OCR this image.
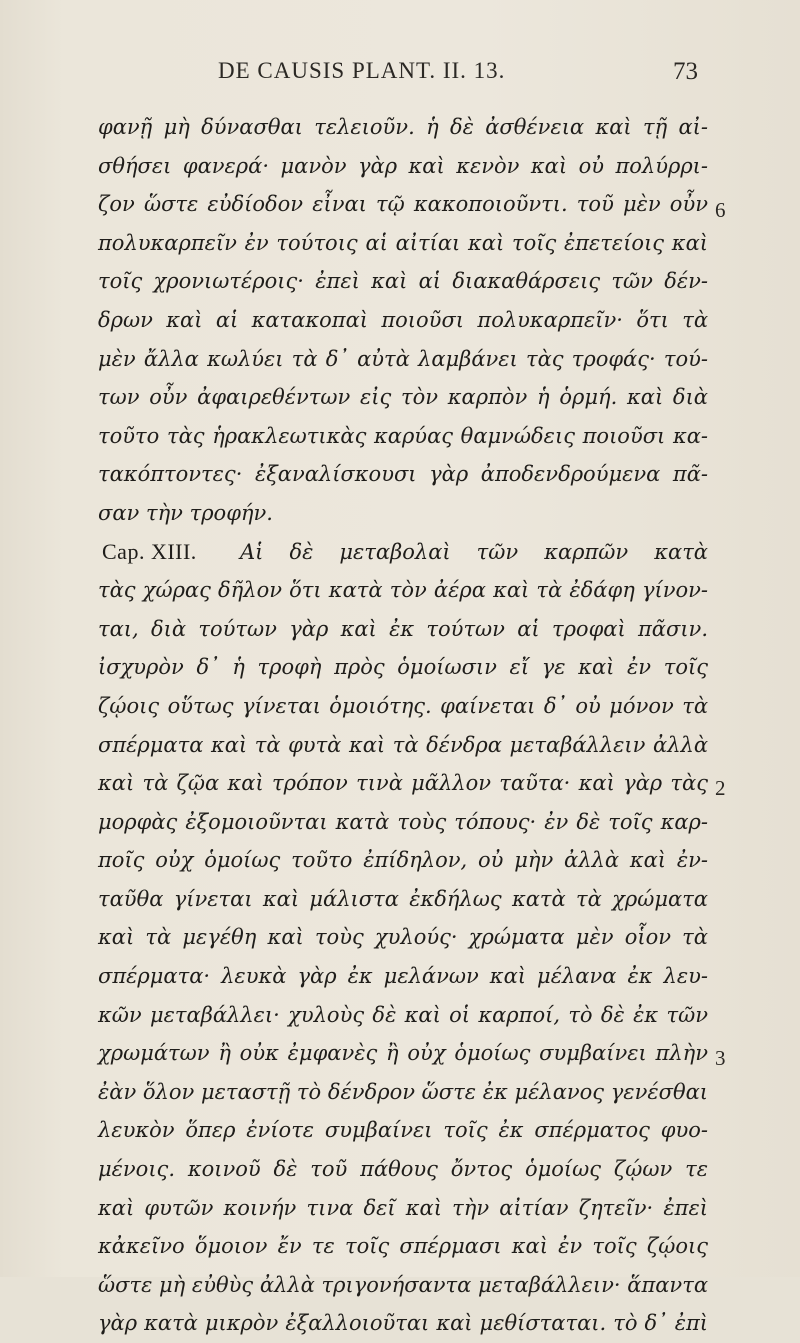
DE CAUSIS PLANT. II. 13.	73
φανῇ μὴ δύνασθαι τελειοῦν. ἡ δὲ ἀσθένεια καὶ τῇ αἰ-
σθήσει φανερά· μανὸν γὰρ καὶ κενὸν καὶ οὐ πολύρρι-
ζον ὥστε εὐδίοδον εἶναι τῷ κακοποιοῦντι. τοῦ μὲν οὖν
πολυκαρπεῖν ἐν τούτοις αἱ αἰτίαι καὶ τοῖς ἐπετείοις καὶ
τοῖς χρονιωτέροις· ἐπεὶ καὶ αἱ διακαθάρσεις τῶν δέν-
δρων καὶ αἱ κατακοπαὶ ποιοῦσι πολυκαρπεῖν· ὅτι τὰ
μὲν ἄλλα κωλύει τὰ δ᾽ αὐτὰ λαμβάνει τὰς τροφάς· τού-
των οὖν ἀφαιρεθέντων εἰς τὸν καρπὸν ἡ ὁρμή. καὶ διὰ
τοῦτο τὰς ἡρακλεωτικὰς καρύας θαμνώδεις ποιοῦσι κα-
τακόπτοντες· ἐξαναλίσκουσι γὰρ ἀποδενδρούμενα πᾶ-
σαν τὴν τροφήν.
Cap. XIII. Αἱ δὲ μεταβολαὶ τῶν καρπῶν κατὰ
τὰς χώρας δῆλον ὅτι κατὰ τὸν ἀέρα καὶ τὰ ἐδάφη γίνον-
ται, διὰ τούτων γὰρ καὶ ἐκ τούτων αἱ τροφαὶ πᾶσιν.
ἰσχυρὸν δ᾽ ἡ τροφὴ πρὸς ὁμοίωσιν εἴ γε καὶ ἐν τοῖς
ζῴοις οὕτως γίνεται ὁμοιότης. φαίνεται δ᾽ οὐ μόνον τὰ
σπέρματα καὶ τὰ φυτὰ καὶ τὰ δένδρα μεταβάλλειν ἀλλὰ
καὶ τὰ ζῷα καὶ τρόπον τινὰ μᾶλλον ταῦτα· καὶ γὰρ τὰς
μορφὰς ἐξομοιοῦνται κατὰ τοὺς τόπους· ἐν δὲ τοῖς καρ-
ποῖς οὐχ ὁμοίως τοῦτο ἐπίδηλον, οὐ μὴν ἀλλὰ καὶ ἐν-
ταῦθα γίνεται καὶ μάλιστα ἐκδήλως κατὰ τὰ χρώματα
καὶ τὰ μεγέθη καὶ τοὺς χυλούς· χρώματα μὲν οἷον τὰ
σπέρματα· λευκὰ γὰρ ἐκ μελάνων καὶ μέλανα ἐκ λευ-
κῶν μεταβάλλει· χυλοὺς δὲ καὶ οἱ καρποί, τὸ δὲ ἐκ τῶν
χρωμάτων ἢ οὐκ ἐμφανὲς ἢ οὐχ ὁμοίως συμβαίνει πλὴν
ἐὰν ὅλον μεταστῇ τὸ δένδρον ὥστε ἐκ μέλανος γενέσθαι
λευκὸν ὅπερ ἐνίοτε συμβαίνει τοῖς ἐκ σπέρματος φυο-
μένοις. κοινοῦ δὲ τοῦ πάθους ὄντος ὁμοίως ζῴων τε
καὶ φυτῶν κοινήν τινα δεῖ καὶ τὴν αἰτίαν ζητεῖν· ἐπεὶ
κἀκεῖνο ὅμοιον ἔν τε τοῖς σπέρμασι καὶ ἐν τοῖς ζῴοις
ὥστε μὴ εὐθὺς ἀλλὰ τριγονήσαντα μεταβάλλειν· ἅπαντα
γὰρ κατὰ μικρὸν ἐξαλλοιοῦται καὶ μεθίσταται. τὸ δ᾽ ἐπὶ
6
2
3
